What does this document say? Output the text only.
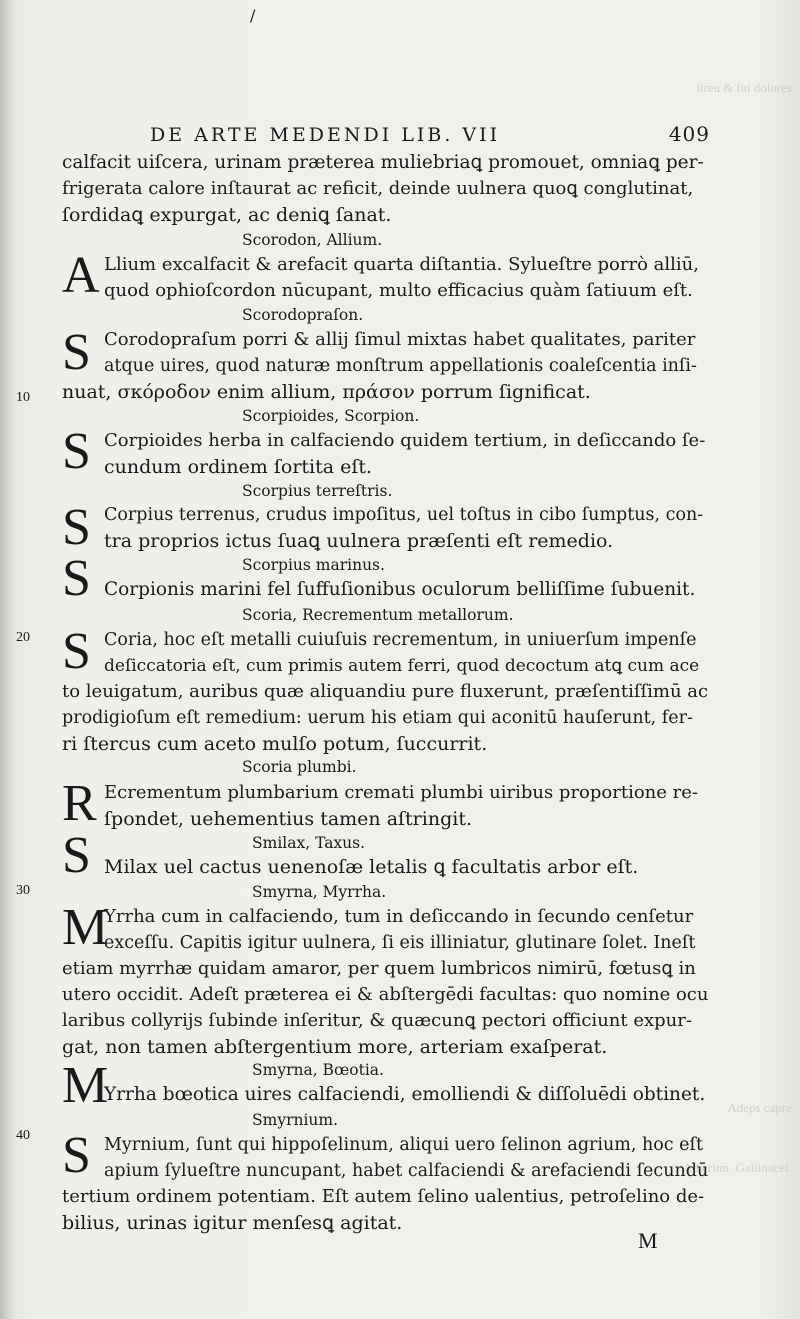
/
ſtreu & ſui dolores
Adeps capre
Ad erinn. Gallinacei.
DE ARTE MEDENDI LIB. VII	409
10
20
30
40
calfacit uiſcera, urinam præterea muliebriaꝗ promouet, omniaꝗ per-
frigerata calore inſtaurat ac reficit, deinde uulnera quoꝗ conglutinat,
ſordidaꝗ expurgat, ac deniꝗ ſanat.
Scorodon, Allium.
A Llium excalfacit & arefacit quarta diſtantia. Sylueſtre porrò alliū,
quod ophioſcordon nūcupant, multo efficacius quàm ſatiuum eſt.
Scorodopraſon.
S Corodopraſum porri & allij ſimul mixtas habet qualitates, pariter
atque uires, quod naturæ monſtrum appellationis coaleſcentia inſi-
nuat, σκόροδον enim allium, πράσον porrum ſignificat.
Scorpioides, Scorpion.
S Corpioides herba in calfaciendo quidem tertium, in deſiccando ſe-
cundum ordinem ſortita eſt.
Scorpius terreſtris.
S Corpius terrenus, crudus impoſitus, uel toſtus in cibo ſumptus, con-
tra proprios ictus ſuaꝗ uulnera præſenti eſt remedio.
Scorpius marinus.
S Corpionis marini fel ſuffuſionibus oculorum belliſſime ſubuenit.
Scoria, Recrementum metallorum.
S Coria, hoc eſt metalli cuiuſuis recrementum, in uniuerſum impenſe
deſiccatoria eſt, cum primis autem ferri, quod decoctum atꝗ cum ace
to leuigatum, auribus quæ aliquandiu pure fluxerunt, præſentiſſimū ac
prodigioſum eſt remedium: uerum his etiam qui aconitū hauſerunt, fer-
ri ſtercus cum aceto mulſo potum, ſuccurrit.
Scoria plumbi.
R Ecrementum plumbarium cremati plumbi uiribus proportione re-
ſpondet, uehementius tamen aſtringit.
Smilax, Taxus.
S Milax uel cactus uenenoſæ letalis ꝗ facultatis arbor eſt.
Smyrna, Myrrha.
M
Yrrha cum in calfaciendo, tum in deſiccando in ſecundo cenſetur
exceſſu. Capitis igitur uulnera, ſi eis illiniatur, glutinare ſolet. Ineſt
etiam myrrhæ quidam amaror, per quem lumbricos nimirū, fœtusꝗ in
utero occidit. Adeſt præterea ei & abſtergēdi facultas: quo nomine ocu
laribus collyrijs ſubinde inſeritur, & quæcunꝗ pectori officiunt expur-
gat, non tamen abſtergentium more, arteriam exaſperat.
Smyrna, Bœotia.
M
Yrrha bœotica uires calfaciendi, emolliendi & diſſoluēdi obtinet.
Smyrnium.
S Myrnium, ſunt qui hippoſelinum, aliqui uero ſelinon agrium, hoc eſt
apium ſylueſtre nuncupant, habet calfaciendi & arefaciendi ſecundū
tertium ordinem potentiam. Eſt autem ſelino ualentius, petroſelino de-
bilius, urinas igitur menſesꝗ agitat.
M
